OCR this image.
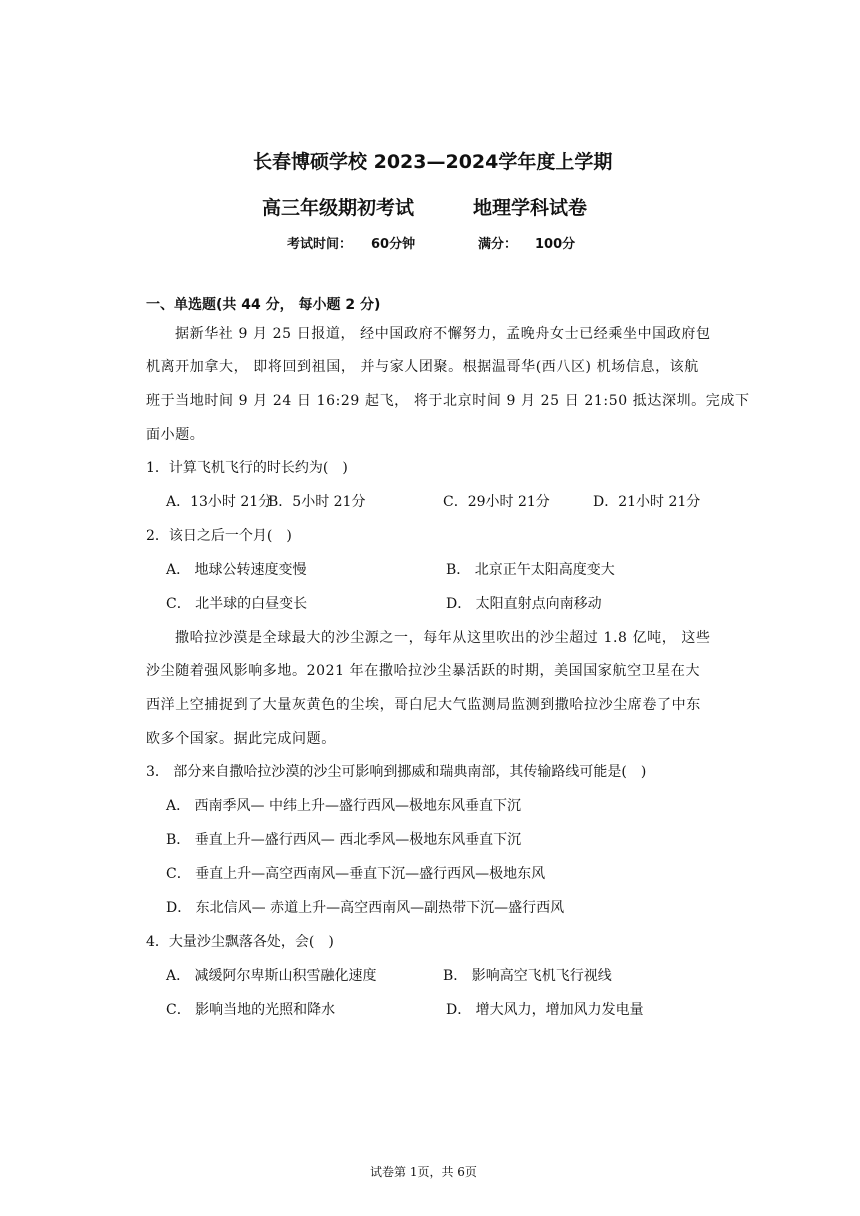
长春博硕学校 2023—2024学年度上学期
高三年级期初考试	地理学科试卷
考试时间： 60分钟	满分： 100分
一、单选题(共 44 分， 每小题 2 分)
据新华社 9 月 25 日报道， 经中国政府不懈努力，孟晚舟女士已经乘坐中国政府包
机离开加拿大， 即将回到祖国， 并与家人团聚。根据温哥华(西八区) 机场信息，该航
班于当地时间 9 月 24 日 16:29 起飞， 将于北京时间 9 月 25 日 21:50 抵达深圳。完成下
面小题。
1．计算飞机飞行的时长约为(　)
A．13小时 21分
B．5小时 21分	C．29小时 21分	D．21小时 21分
2．该日之后一个月(　)
A． 地球公转速度变慢	B． 北京正午太阳高度变大
C． 北半球的白昼变长	D． 太阳直射点向南移动
撒哈拉沙漠是全球最大的沙尘源之一，每年从这里吹出的沙尘超过 1.8 亿吨， 这些
沙尘随着强风影响多地。2021 年在撒哈拉沙尘暴活跃的时期，美国国家航空卫星在大
西洋上空捕捉到了大量灰黄色的尘埃，哥白尼大气监测局监测到撒哈拉沙尘席卷了中东
欧多个国家。据此完成问题。
3． 部分来自撒哈拉沙漠的沙尘可影响到挪威和瑞典南部，其传输路线可能是(　)
A． 西南季风— 中纬上升—盛行西风—极地东风垂直下沉
B． 垂直上升—盛行西风— 西北季风—极地东风垂直下沉
C． 垂直上升—高空西南风—垂直下沉—盛行西风—极地东风
D． 东北信风— 赤道上升—高空西南风—副热带下沉—盛行西风
4．大量沙尘飘落各处，会(　)
A． 减缓阿尔卑斯山积雪融化速度	B． 影响高空飞机飞行视线
C． 影响当地的光照和降水	D． 增大风力，增加风力发电量
试卷第 1页，共 6页
